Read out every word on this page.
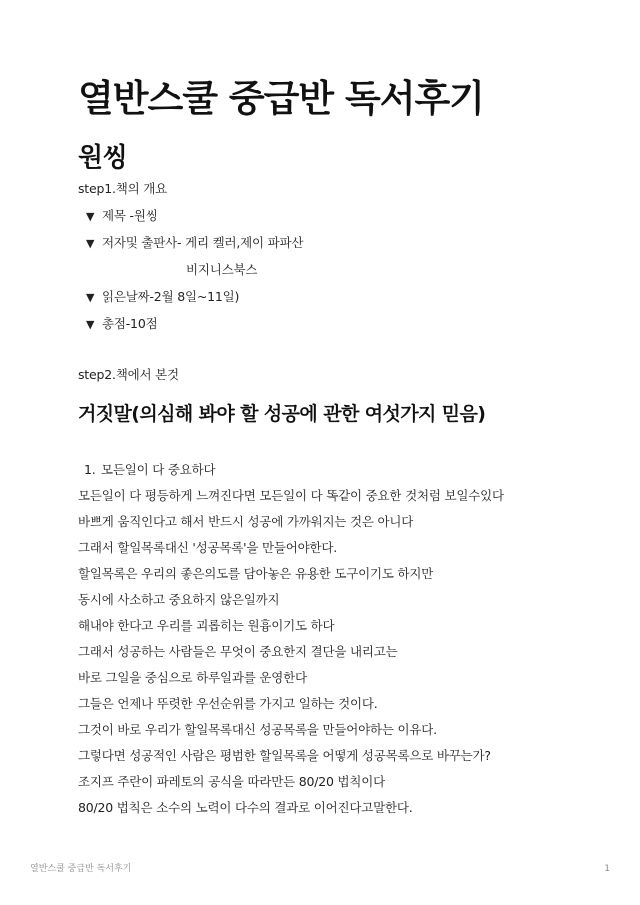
열반스쿨 중급반 독서후기
원씽
step1.책의 개요
▼ 제목 -원씽
▼ 저자및 출판사- 게리 켈러,제이 파파산
비지니스북스
▼ 읽은날짜-2월 8일~11일)
▼ 총점-10점
step2.책에서 본것
거짓말(의심해 봐야 할 성공에 관한 여섯가지 믿음)
1. 모든일이 다 중요하다
모든일이 다 평등하게 느껴진다면 모든일이 다 똑같이 중요한 것처럼 보일수있다
바쁘게 움직인다고 해서 반드시 성공에 가까워지는 것은 아니다
그래서 할일목록대신 '성공목록'을 만들어야한다.
할일목록은 우리의 좋은의도를 담아놓은 유용한 도구이기도 하지만
동시에 사소하고 중요하지 않은일까지
해내야 한다고 우리를 괴롭히는 원흉이기도 하다
그래서 성공하는 사람들은 무엇이 중요한지 결단을 내리고는
바로 그일을 중심으로 하루일과를 운영한다
그들은 언제나 뚜렷한 우선순위를 가지고 일하는 것이다.
그것이 바로 우리가 할일목록대신 성공목록을 만들어야하는 이유다.
그렇다면 성공적인 사람은 평범한 할일목록을 어떻게 성공목록으로 바꾸는가?
조지프 주란이 파레토의 공식을 따라만든 80/20 법칙이다
80/20 법칙은 소수의 노력이 다수의 결과로 이어진다고말한다.
열반스쿨 중급반 독서후기	1
